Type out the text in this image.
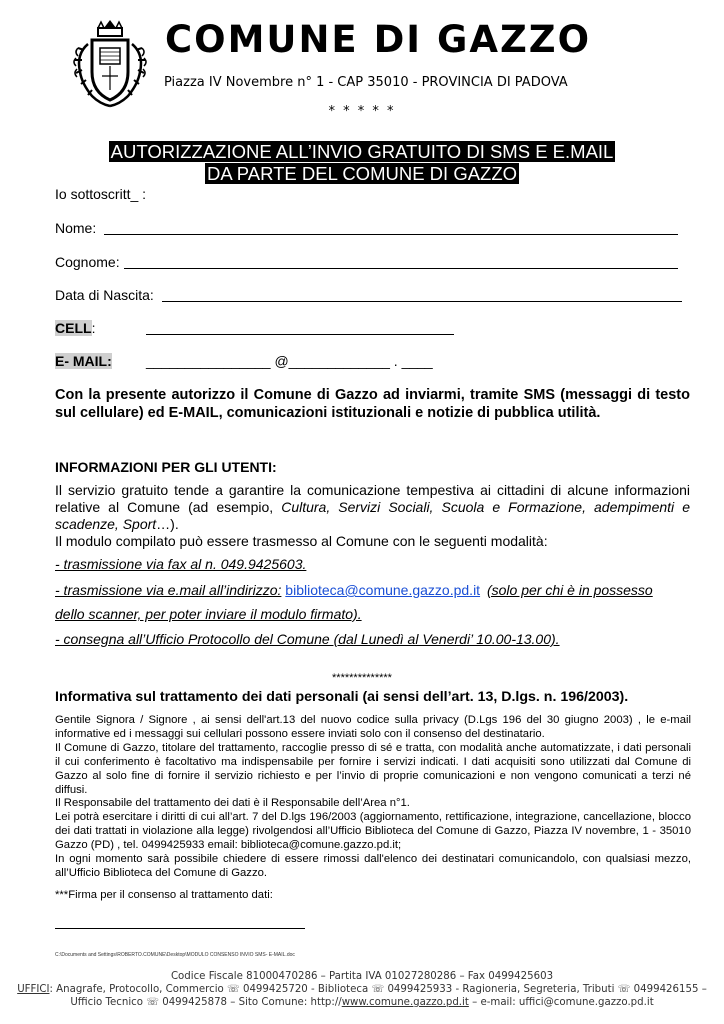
COMUNE DI GAZZO
Piazza IV Novembre n° 1 - CAP 35010 - PROVINCIA DI PADOVA
* * * * *
AUTORIZZAZIONE ALL’INVIO GRATUITO DI SMS E E.MAIL
DA PARTE DEL COMUNE DI GAZZO
Io sottoscritt_ :
Nome:
Cognome:
Data di Nascita:
CELL:
E- MAIL: ________________ @_____________ . ____
Con la presente autorizzo il Comune di Gazzo ad inviarmi, tramite SMS (messaggi di testo sul cellulare) ed E-MAIL, comunicazioni istituzionali e notizie di pubblica utilità.
INFORMAZIONI PER GLI UTENTI:
Il servizio gratuito tende a garantire la comunicazione tempestiva ai cittadini di alcune informazioni relative al Comune (ad esempio, Cultura, Servizi Sociali, Scuola e Formazione, adempimenti e scadenze, Sport…).
Il modulo compilato può essere trasmesso al Comune con le seguenti modalità:
- trasmissione via fax al n. 049.9425603.
- trasmissione via e.mail all’indirizzo: biblioteca@comune.gazzo.pd.it (solo per chi è in possesso
dello scanner, per poter inviare il modulo firmato).
- consegna all’Ufficio Protocollo del Comune (dal Lunedì al Venerdi’ 10.00-13.00).
**************
Informativa sul trattamento dei dati personali (ai sensi dell’art. 13, D.lgs. n. 196/2003).
Gentile Signora / Signore , ai sensi dell'art.13 del nuovo codice sulla privacy (D.Lgs 196 del 30 giugno 2003) , le e-mail informative ed i messaggi sui cellulari possono essere inviati solo con il consenso del destinatario.
Il Comune di Gazzo, titolare del trattamento, raccoglie presso di sé e tratta, con modalità anche automatizzate, i dati personali il cui conferimento è facoltativo ma indispensabile per fornire i servizi indicati. I dati acquisiti sono utilizzati dal Comune di Gazzo al solo fine di fornire il servizio richiesto e per l’invio di proprie comunicazioni e non vengono comunicati a terzi né diffusi.
Il Responsabile del trattamento dei dati è il Responsabile dell’Area n°1.
Lei potrà esercitare i diritti di cui all’art. 7 del D.lgs 196/2003 (aggiornamento, rettificazione, integrazione, cancellazione, blocco dei dati trattati in violazione alla legge) rivolgendosi all’Ufficio Biblioteca del Comune di Gazzo, Piazza IV novembre, 1 - 35010 Gazzo (PD) , tel. 0499425933 email: biblioteca@comune.gazzo.pd.it;
In ogni momento sarà possibile chiedere di essere rimossi dall'elenco dei destinatari comunicandolo, con qualsiasi mezzo, all’Ufficio Biblioteca del Comune di Gazzo.
***Firma per il consenso al trattamento dati:
C:\Documents and Settings\ROBERTO.COMUNE\Desktop\MODULO CONSENSO INVIO SMS- E-MAIL.doc
Codice Fiscale 81000470286 – Partita IVA 01027280286 – Fax 0499425603
UFFICI: Anagrafe, Protocollo, Commercio ☏ 0499425720 - Biblioteca ☏ 0499425933 - Ragioneria, Segreteria, Tributi ☏ 0499426155 –
Ufficio Tecnico ☏ 0499425878 – Sito Comune: http://www.comune.gazzo.pd.it – e-mail: uffici@comune.gazzo.pd.it
